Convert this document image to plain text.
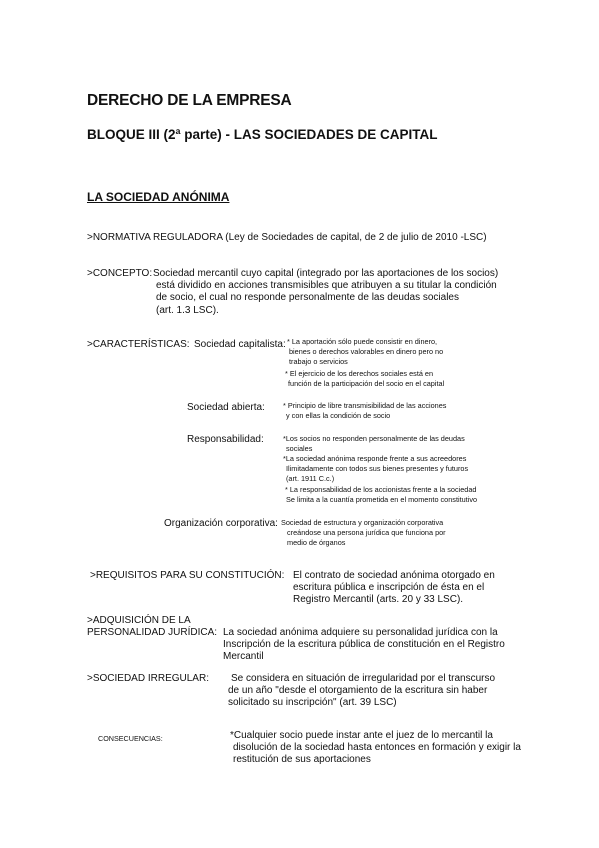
DERECHO DE LA EMPRESA
BLOQUE III (2ª parte) - LAS SOCIEDADES DE CAPITAL
LA SOCIEDAD ANÓNIMA
>NORMATIVA REGULADORA (Ley de Sociedades de capital, de 2 de julio de 2010 -LSC)
>CONCEPTO: Sociedad mercantil cuyo capital (integrado por las aportaciones de los socios)
está dividido en acciones transmisibles que atribuyen a su titular la condición
de socio, el cual no responde personalmente de las deudas sociales
(art. 1.3 LSC).
>CARACTERÍSTICAS: Sociedad capitalista: * La aportación sólo puede consistir en dinero,
bienes o derechos valorables en dinero pero no
trabajo o servicios
* El ejercicio de los derechos sociales está en
función de la participación del socio en el capital
Sociedad abierta: * Principio de libre transmisibilidad de las acciones
y con ellas la condición de socio
Responsabilidad:	*Los socios no responden personalmente de las deudas
sociales
*La sociedad anónima responde frente a sus acreedores
Ilimitadamente con todos sus bienes presentes y futuros
(art. 1911 C.c.)
* La responsabilidad de los accionistas frente a la sociedad
Se limita a la cuantía prometida en el momento constitutivo
Organización corporativa: Sociedad de estructura y organización corporativa
creándose una persona jurídica que funciona por
medio de órganos
>REQUISITOS PARA SU CONSTITUCIÓN: El contrato de sociedad anónima otorgado en
escritura pública e inscripción de ésta en el
Registro Mercantil (arts. 20 y 33 LSC).
>ADQUISICIÓN DE LA
PERSONALIDAD JURÍDICA: La sociedad anónima adquiere su personalidad jurídica con la
Inscripción de la escritura pública de constitución en el Registro
Mercantil
>SOCIEDAD IRREGULAR: Se considera en situación de irregularidad por el transcurso
de un año "desde el otorgamiento de la escritura sin haber
solicitado su inscripción" (art. 39 LSC)
CONSECUENCIAS:	*Cualquier socio puede instar ante el juez de lo mercantil la
disolución de la sociedad hasta entonces en formación y exigir la
restitución de sus aportaciones
